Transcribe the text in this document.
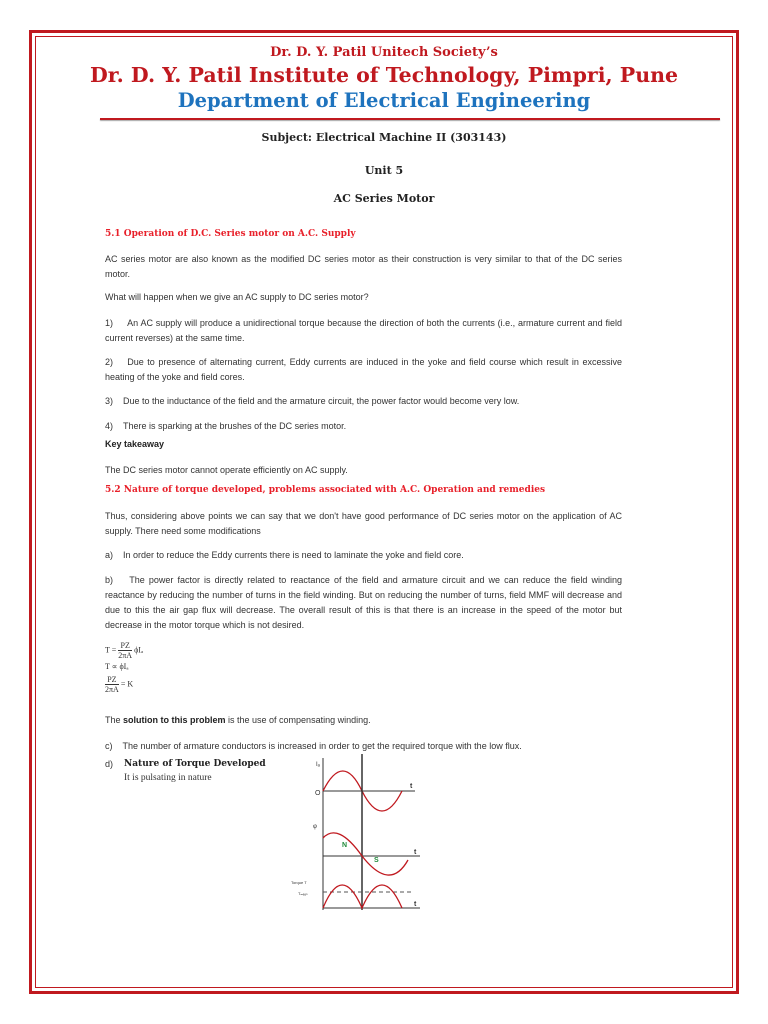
Dr. D. Y. Patil Unitech Society’s

Dr. D. Y. Patil Institute of Technology, Pimpri, Pune

Department of Electrical Engineering

Subject: Electrical Machine II (303143)
Unit 5
AC Series Motor

5.1 Operation of D.C. Series motor on A.C. Supply

AC series motor are also known as the modified DC series motor as their construction is very similar to that of the DC series motor.

What will happen when we give an AC supply to DC series motor?

1)     An AC supply will produce a unidirectional torque because the direction of both the currents (i.e., armature current and field current reverses) at the same time.

2)    Due to presence of alternating current, Eddy currents are induced in the yoke and field course which result in excessive heating of the yoke and field cores.

3)    Due to the inductance of the field and the armature circuit, the power factor would become very low.

4)    There is sparking at the brushes of the DC series motor.

Key takeaway

The DC series motor cannot operate efficiently on AC supply.

5.2 Nature of torque developed, problems associated with A.C. Operation and remedies

Thus, considering above points we can say that we don't have good performance of DC series motor on the application of AC supply. There need some modifications

a)    In order to reduce the Eddy currents there is need to laminate the yoke and field core.

b)    The power factor is directly related to reactance of the field and armature circuit and we can reduce the field winding reactance by reducing the number of turns in the field winding. But on reducing the number of turns, field MMF will decrease and due to this the air gap flux will decrease. The overall result of this is that there is an increase in the speed of the motor but decrease in the motor torque which is not desired.

$T = \frac{PZ}{2\pi A}$ ϕIₐ
T ∝ ϕIₐ
$\frac{PZ}{2\pi A} = K$

The solution to this problem is the use of compensating winding.

c)    The number of armature conductors is increased in order to get the required torque with the low flux.

d)	Nature of Torque Developed

It is pulsating in nature

Iₐ
O
t
φ
N
S
t
Torque T
Tₘₑₐₙ
t
